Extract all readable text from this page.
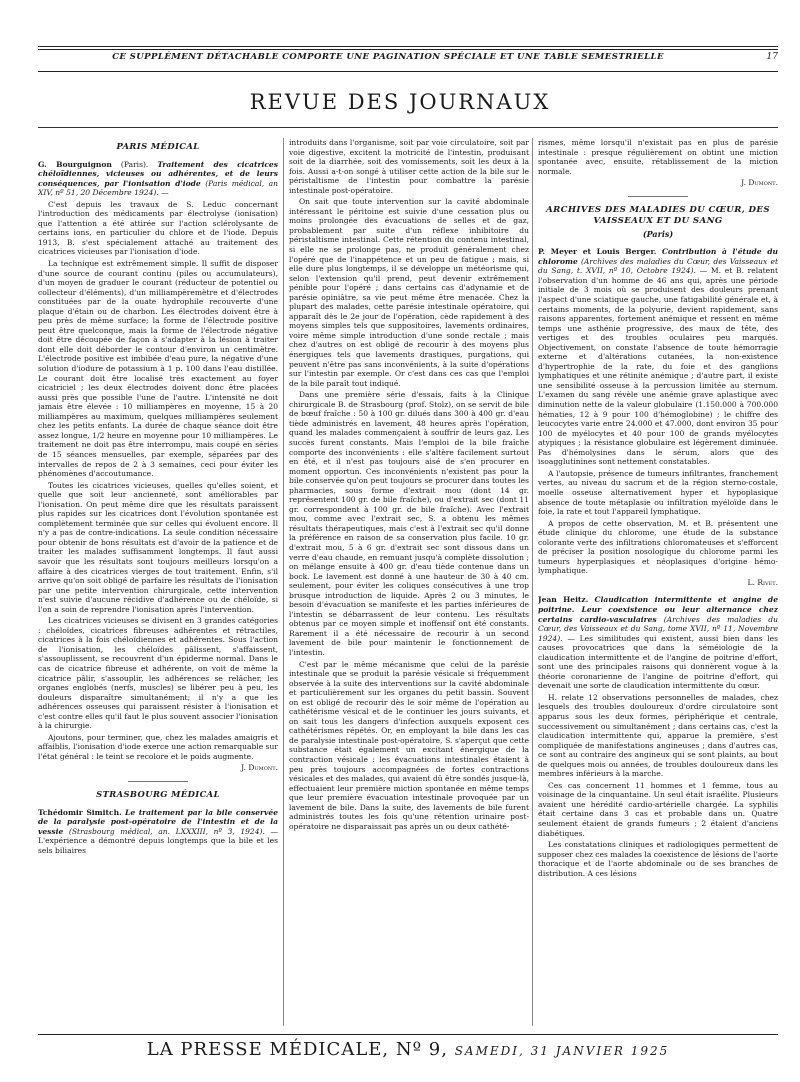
CE SUPPLÉMENT DÉTACHABLE COMPORTE UNE PAGINATION SPÉCIALE ET UNE TABLE SEMESTRIELLE	17
REVUE DES JOURNAUX
PARIS MÉDICAL

G. Bourguignon (Paris). Traitement des cicatrices chéloïdiennes, vicieuses ou adhérentes, et de leurs conséquences, par l'ionisation d'iode (Paris médical, an XIV, nº 51, 20 Décembre 1924). —

C'est depuis les travaux de S. Leduc concernant l'introduction des médicaments par électrolyse (ionisation) que l'attention a été attirée sur l'action sclérolysante de certains ions, en particulier du chlore et de l'iode. Depuis 1913, B. s'est spécialement attaché au traitement des cicatrices vicieuses par l'ionisation d'iode.

La technique est extrêmement simple. Il suffit de disposer d'une source de courant continu (piles ou accumulateurs), d'un moyen de graduer le courant (réducteur de potentiel ou collecteur d'éléments), d'un milliampèremètre et d'électrodes constituées par de la ouate hydrophile recouverte d'une plaque d'étain ou de charbon. Les électrodes doivent être à peu près de même surface; la forme de l'électrode positive peut être quelconque, mais la forme de l'électrode négative doit être découpée de façon à s'adapter à la lésion à traiter dont elle doit déborder le contour d'environ un centimètre. L'électrode positive est imbibée d'eau pure, la négative d'une solution d'iodure de potassium à 1 p. 100 dans l'eau distillée. Le courant doit être localisé très exactement au foyer cicatriciel ; les deux électrodes doivent donc être placées aussi près que possible l'une de l'autre. L'intensité ne doit jamais être élevée : 10 milliampères en moyenne, 15 à 20 milliampères au maximum, quelques milliampères seulement chez les petits enfants. La durée de chaque séance doit être assez longue, 1/2 heure en moyenne pour 10 milliampères. Le traitement ne doit pas être interrompu, mais coupé en séries de 15 séances mensuelles, par exemple, séparées par des intervalles de repos de 2 à 3 semaines, ceci pour éviter les phénomènes d'accoutumance.

Toutes les cicatrices vicieuses, quelles qu'elles soient, et quelle que soit leur ancienneté, sont améliorables par l'ionisation. On peut même dire que les résultats paraissent plus rapides sur les cicatrices dont l'évolution spontanée est complètement terminée que sur celles qui évoluent encore. Il n'y a pas de contre-indications. La seule condition nécessaire pour obtenir de bons résultats est d'avoir de la patience et de traiter les malades suffisamment longtemps. Il faut aussi savoir que les résultats sont toujours meilleurs lorsqu'on a affaire à des cicatrices vierges de tout traitement. Enfin, s'il arrive qu'on soit obligé de parfaire les résultats de l'ionisation par une petite intervention chirurgicale, cette intervention n'est suivie d'aucune récidive d'adhérence ou de chéloïde, si l'on a soin de reprendre l'ionisation après l'intervention.

Les cicatrices vicieuses se divisent en 3 grandes catégories : chéloïdes, cicatrices fibreuses adhérentes et rétractiles, cicatrices à la fois chéloïdiennes et adhérentes. Sous l'action de l'ionisation, les chéloïdes pâlissent, s'affaissent, s'assouplissent, se recouvrent d'un épiderme normal. Dans le cas de cicatrice fibreuse et adhérente, on voit de même la cicatrice pâlir, s'assouplir, les adhérences se relâcher, les organes englobés (nerfs, muscles) se libérer peu à peu, les douleurs disparaître simultanément; il n'y a que les adhérences osseuses qui paraissent résister à l'ionisation et c'est contre elles qu'il faut le plus souvent associer l'ionisation à la chirurgie.

Ajoutons, pour terminer, que, chez les malades amaigris et affaiblis, l'ionisation d'iode exerce une action remarquable sur l'état général : le teint se recolore et le poids augmente.

J. Dumont.
STRASBOURG MÉDICAL

Tchédomir Simitch. Le traitement par la bile conservée de la paralysie post-opératoire de l'intestin et de la vessie (Strasbourg médical, an. LXXXIII, nº 3, 1924). — L'expérience a démontré depuis longtemps que la bile et les sels biliaires

introduits dans l'organisme, soit par voie circulatoire, soit par voie digestive, excitent la motricité de l'intestin, produisant soit de la diarrhée, soit des vomissements, soit les deux à la fois. Aussi a-t-on songé à utiliser cette action de la bile sur le péristaltisme de l'intestin pour combattre la parésie intestinale post-opératoire.

On sait que toute intervention sur la cavité abdominale intéressant le péritoine est suivie d'une cessation plus ou moins prolongée des évacuations de selles et de gaz, probablement par suite d'un réflexe inhibitoire du péristaltisme intestinal. Cette rétention du contenu intestinal, si elle ne se prolonge pas, ne produit généralement chez l'opéré que de l'inappétence et un peu de fatigue ; mais, si elle dure plus longtemps, il se développe un météorisme qui, selon l'extension qu'il prend, peut devenir extrêmement pénible pour l'opéré ; dans certains cas d'adynamie et de parésie opiniâtre, sa vie peut même être menacée. Chez la plupart des malades, cette parésie intestinale opératoire, qui apparaît dès le 2e jour de l'opération, cède rapidement à des moyens simples tels que suppositoires, lavements ordinaires, voire même simple introduction d'une sonde rectale ; mais chez d'autres on est obligé de recourir à des moyens plus énergiques tels que lavements drastiques, purgations, qui peuvent n'être pas sans inconvénients, à la suite d'opérations sur l'intestin par exemple. Or c'est dans ces cas que l'emploi de la bile paraît tout indiqué.

Dans une première série d'essais, faits à la Clinique chirurgicale B. de Strasbourg (prof. Stolz), on se servit de bile de bœuf fraîche : 50 à 100 gr. dilués dans 300 à 400 gr. d'eau tiède administrés en lavement, 48 heures après l'opération, quand les malades commençaient à souffrir de leurs gaz. Les succès furent constants. Mais l'emploi de la bile fraîche comporte des inconvénients : elle s'altère facilement surtout en été, et il n'est pas toujours aisé de s'en procurer en moment opportun. Ces inconvénients n'existent pas pour la bile conservée qu'on peut toujours se procurer dans toutes les pharmacies, sous forme d'extrait mou (dont 14 gr. représentent 100 gr. de bile fraîche), ou d'extrait sec (dont 11 gr. correspondent à 100 gr. de bile fraîche). Avec l'extrait mou, comme avec l'extrait sec, S. a obtenu les mêmes résultats thérapeutiques, mais c'est à l'extrait sec qu'il donne la préférence en raison de sa conservation plus facile. 10 gr. d'extrait mou, 5 à 6 gr. d'extrait sec sont dissous dans un verre d'eau chaude, en remuant jusqu'à complète dissolution ; on mélange ensuite à 400 gr. d'eau tiède contenue dans un bock. Le lavement est donné à une hauteur de 30 à 40 cm. seulement, pour éviter les coliques consécutives à une trop brusque introduction de liquide. Après 2 ou 3 minutes, le besoin d'évacuation se manifeste et les parties inférieures de l'intestin se débarrassent de leur contenu. Les résultats obtenus par ce moyen simple et inoffensif ont été constants. Rarement il a été nécessaire de recourir à un second lavement de bile pour maintenir le fonctionnement de l'intestin.

C'est par le même mécanisme que celui de la parésie intestinale que se produit la parésie vésicale si fréquemment observée à la suite des interventions sur la cavité abdominale et particulièrement sur les organes du petit bassin. Souvent on est obligé de recourir dès le soir même de l'opération au cathétérisme vésical et de le continuer les jours suivants, et on sait tous les dangers d'infection auxquels exposent ces cathétérismes répétés. Or, en employant la bile dans les cas de paralysie intestinale post-opératoire, S. s'aperçut que cette substance était également un excitant énergique de la contraction vésicale : les évacuations intestinales étaient à peu près toujours accompagnées de fortes contractions vésicales et des malades, qui avaient dû être sondés jusque-là, effectuaient leur première miction spontanée en même temps que leur première évacuation intestinale provoquée par un lavement de bile. Dans la suite, des lavements de bile furent administrés toutes les fois qu'une rétention urinaire post-opératoire ne disparaissait pas après un ou deux cathété-

rismes, même lorsqu'il n'existait pas en plus de parésie intestinale : presque régulièrement on obtint une miction spontanée avec, ensuite, rétablissement de la miction normale.

J. Dumont.
ARCHIVES DES MALADIES DU CŒUR, DES VAISSEAUX ET DU SANG
(Paris)

P. Meyer et Louis Berger. Contribution à l'étude du chlorome (Archives des maladies du Cœur, des Vaisseaux et du Sang, t. XVII, nº 10, Octobre 1924). — M. et B. relatent l'observation d'un homme de 46 ans qui, après une période initiale de 3 mois où se produisent des douleurs prenant l'aspect d'une sciatique gauche, une fatigabilité générale et, à certains moments, de la polyurie, devient rapidement, sans raisons apparentes, fortement anémique et ressent en même temps une asthénie progressive, des maux de tête, des vertiges et des troubles oculaires peu marqués. Objectivement, on constate l'absence de toute hémorragie externe et d'altérations cutanées, la non-existence d'hypertrophie de la rate, du foie et des ganglions lymphatiques et une rétinite anémique ; d'autre part, il existe une sensibilité osseuse à la percussion limitée au sternum. L'examen du sang révèle une anémie grave aplastique avec diminution nette de la valeur globulaire (1.150.000 à 700.000 hématies, 12 à 9 pour 100 d'hémoglobine) ; le chiffre des leucocytes varie entre 24.000 et 47.000, dont environ 35 pour 100 de myélocytes et 40 pour 100 de grands myélocytes atypiques ; la résistance globulaire est légèrement diminuée. Pas d'hémolysines dans le sérum, alors que des isoagglutinines sont nettement constatables.

A l'autopsie, présence de tumeurs infiltrantes, franchement vertes, au niveau du sacrum et de la région sterno-costale, moelle osseuse alternativement hyper et hypoplasique absence de toute métaplasie ou infiltration myéloïde dans le foie, la rate et tout l'appareil lymphatique.

A propos de cette observation, M. et B. présentent une étude clinique du chlorome, une étude de la substance colorante verte des infiltrations chloromateuses et s'efforcent de préciser la position nosologique du chlorome parmi les tumeurs hyperplasiques et néoplasiques d'origine hémo-lymphatique.

L. Rivet.

Jean Heitz. Claudication intermittente et angine de poitrine. Leur coexistence ou leur alternance chez certains cardio-vasculaires (Archives des maladies du Cœur, des Vaisseaux et du Sang, tome XVII, nº 11, Novembre 1924). — Les similitudes qui existent, aussi bien dans les causes provocatrices que dans la séméiologie de la claudication intermittente et de l'angine de poitrine d'effort, sont une des principales raisons qui donnèrent vogue à la théorie coronarienne de l'angine de poitrine d'effort, qui devenait une sorte de claudication intermittente du cœur.

H. relate 12 observations personnelles de malades, chez lesquels des troubles douloureux d'ordre circulatoire sont apparus sous les deux formes, périphérique et centrale, successivement ou simultanément ; dans certains cas, c'est la claudication intermittente qui, apparue la première, s'est compliquée de manifestations angineuses ; dans d'autres cas, ce sont au contraire des angineux qui se sont plaints, au bout de quelques mois ou années, de troubles douloureux dans les membres inférieurs à la marche.

Ces cas concernent 11 hommes et 1 femme, tous au voisinage de la cinquantaine. Un seul était israélite. Plusieurs avaient une hérédité cardio-artérielle chargée. La syphilis était certaine dans 3 cas et probable dans un. Quatre seulement étaient de grands fumeurs ; 2 étaient d'anciens diabétiques.

Les constatations cliniques et radiologiques permettent de supposer chez ces malades la coexistence de lésions de l'aorte thoracique et de l'aorte abdominale ou de ses branches de distribution. A ces lésions

LA PRESSE MÉDICALE, Nº 9, SAMEDI, 31 JANVIER 1925
